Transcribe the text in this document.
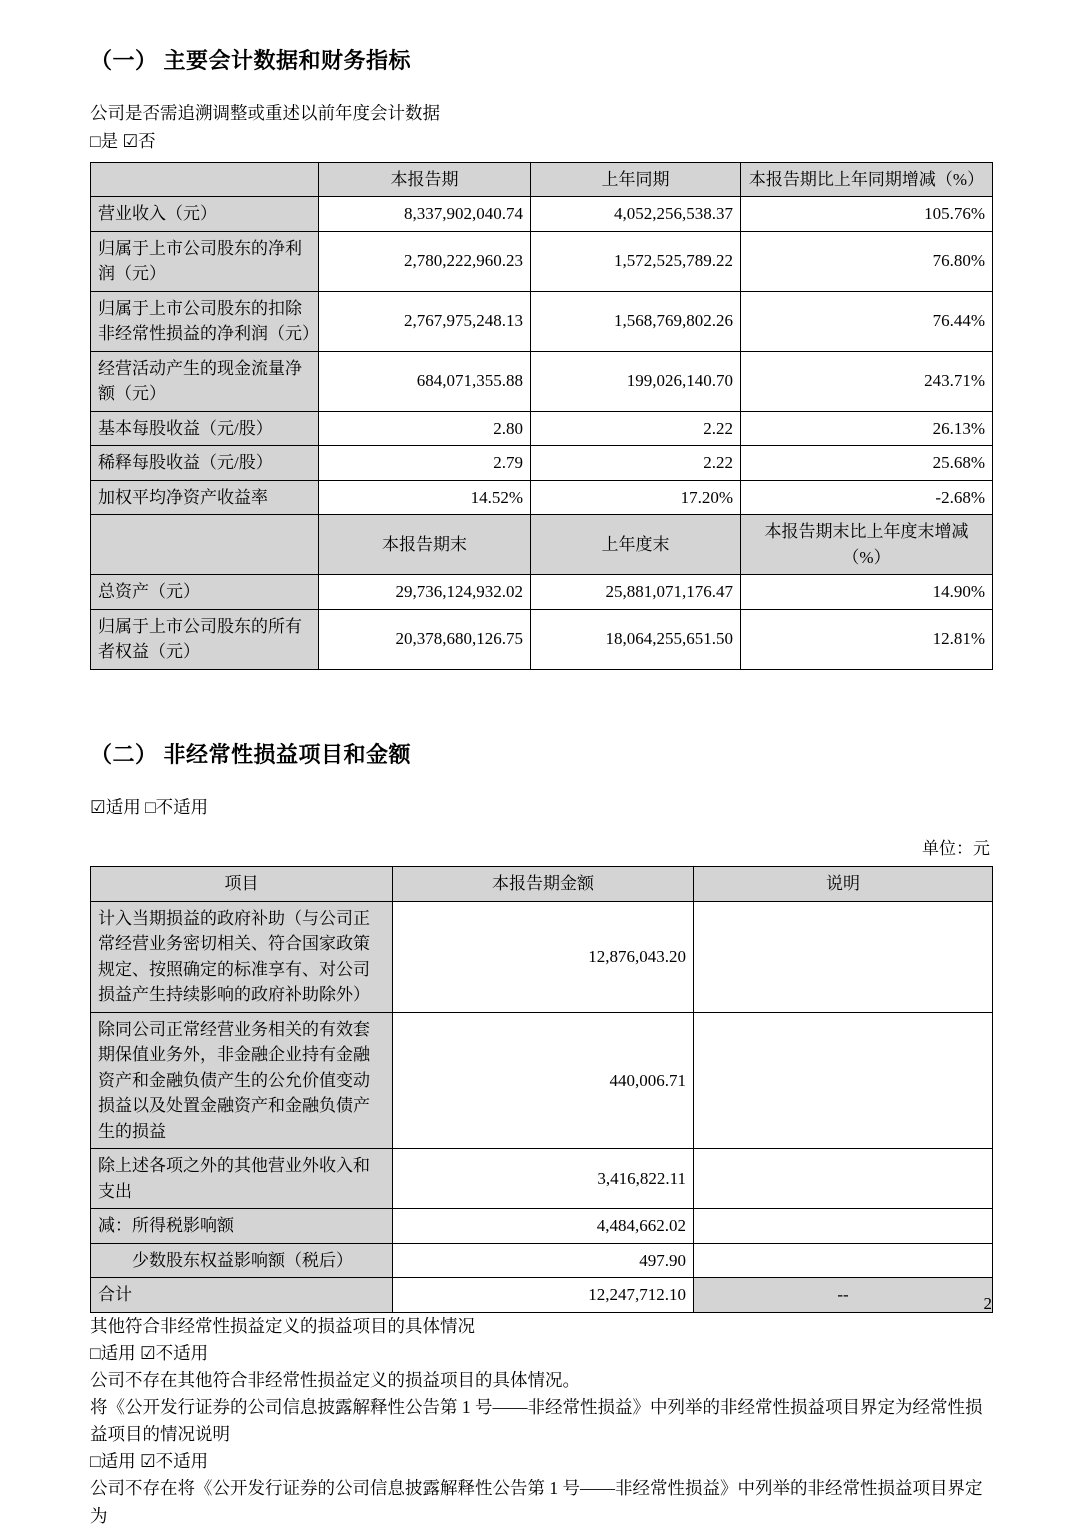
（一） 主要会计数据和财务指标

公司是否需追溯调整或重述以前年度会计数据

□是 ☑否

	本报告期	上年同期	本报告期比上年同期增减（%）
营业收入（元）	8,337,902,040.74	4,052,256,538.37	105.76%
归属于上市公司股东的净利润（元）	2,780,222,960.23	1,572,525,789.22	76.80%
归属于上市公司股东的扣除非经常性损益的净利润（元）	2,767,975,248.13	1,568,769,802.26	76.44%
经营活动产生的现金流量净额（元）	684,071,355.88	199,026,140.70	243.71%
基本每股收益（元/股）	2.80	2.22	26.13%
稀释每股收益（元/股）	2.79	2.22	25.68%
加权平均净资产收益率	14.52%	17.20%	-2.68%
	本报告期末	上年度末	本报告期末比上年度末增减（%）
总资产（元）	29,736,124,932.02	25,881,071,176.47	14.90%
归属于上市公司股东的所有者权益（元）	20,378,680,126.75	18,064,255,651.50	12.81%
（二） 非经常性损益项目和金额

☑适用 □不适用

单位：元

项目	本报告期金额	说明
计入当期损益的政府补助（与公司正常经营业务密切相关、符合国家政策规定、按照确定的标准享有、对公司损益产生持续影响的政府补助除外）	12,876,043.20	
除同公司正常经营业务相关的有效套期保值业务外，非金融企业持有金融资产和金融负债产生的公允价值变动损益以及处置金融资产和金融负债产生的损益	440,006.71	
除上述各项之外的其他营业外收入和支出	3,416,822.11	
减：所得税影响额	4,484,662.02	
　　少数股东权益影响额（税后）	497.90	
合计	12,247,712.10	--

其他符合非经常性损益定义的损益项目的具体情况

□适用 ☑不适用

公司不存在其他符合非经常性损益定义的损益项目的具体情况。

将《公开发行证券的公司信息披露解释性公告第 1 号——非经常性损益》中列举的非经常性损益项目界定为经常性损益项目的情况说明

□适用 ☑不适用

公司不存在将《公开发行证券的公司信息披露解释性公告第 1 号——非经常性损益》中列举的非经常性损益项目界定为

2
